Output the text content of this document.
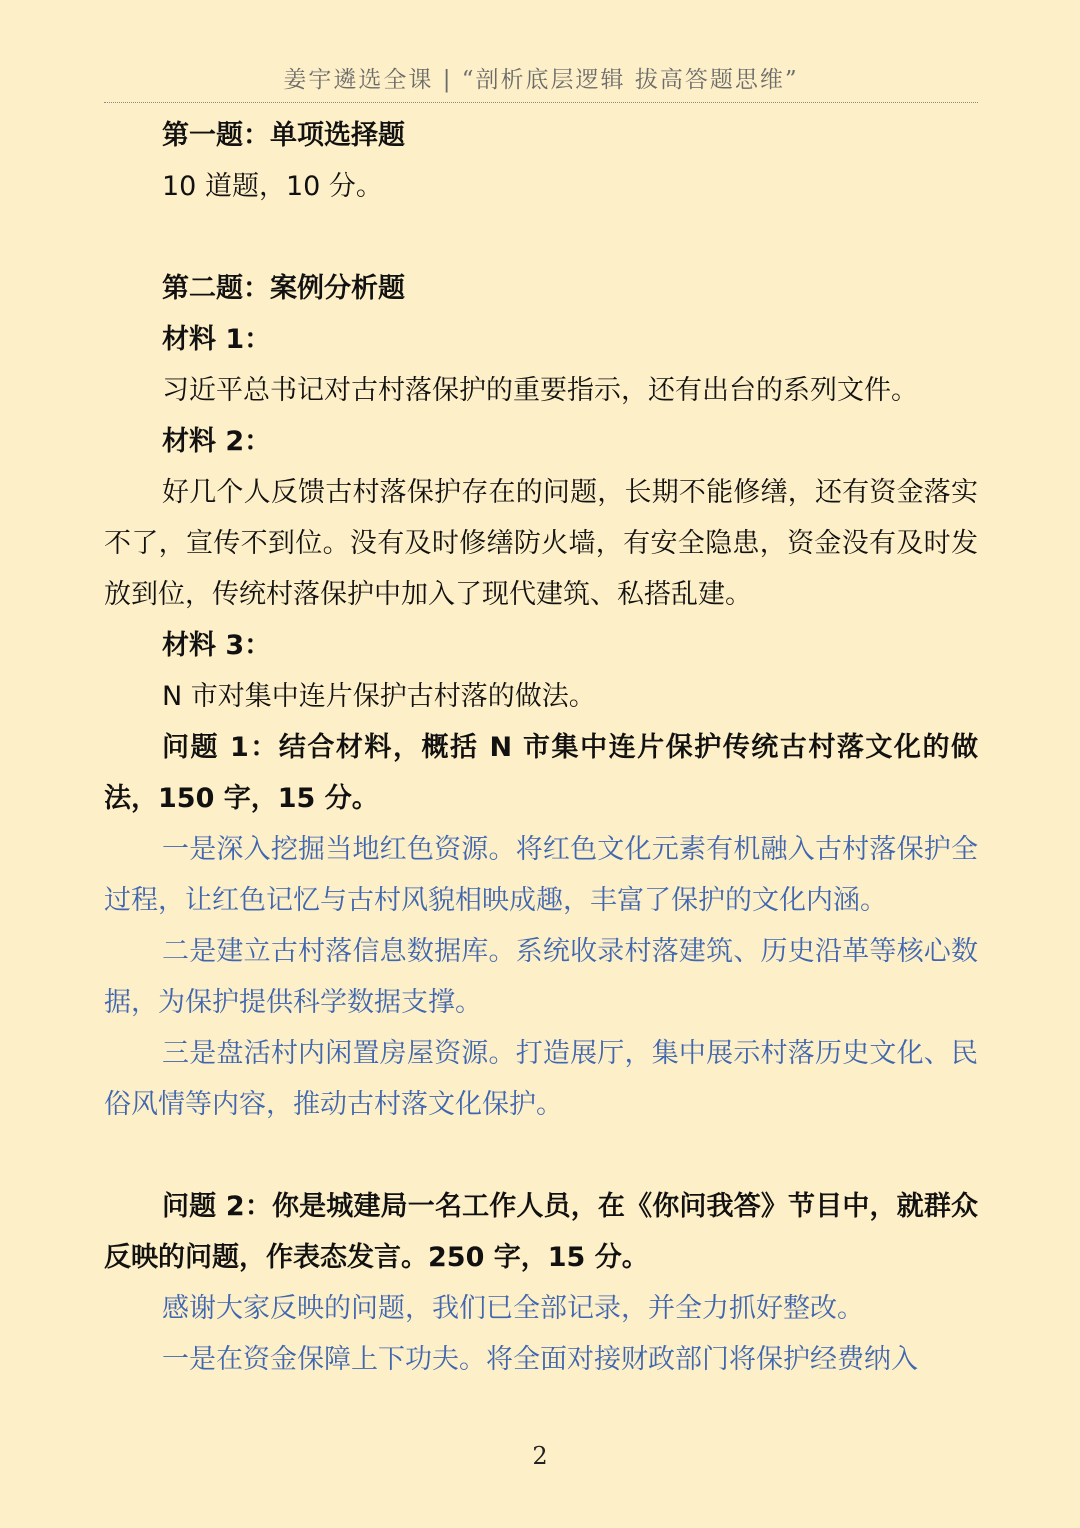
姜宇遴选全课 | “剖析底层逻辑 拔高答题思维”

第一题：单项选择题

10 道题，10 分。

第二题：案例分析题

材料 1：

习近平总书记对古村落保护的重要指示，还有出台的系列文件。

材料 2：

好几个人反馈古村落保护存在的问题，长期不能修缮，还有资金落实不了，宣传不到位。没有及时修缮防火墙，有安全隐患，资金没有及时发放到位，传统村落保护中加入了现代建筑、私搭乱建。

材料 3：

N 市对集中连片保护古村落的做法。

问题 1：结合材料，概括 N 市集中连片保护传统古村落文化的做法，150 字，15 分。

一是深入挖掘当地红色资源。将红色文化元素有机融入古村落保护全过程，让红色记忆与古村风貌相映成趣，丰富了保护的文化内涵。

二是建立古村落信息数据库。系统收录村落建筑、历史沿革等核心数据，为保护提供科学数据支撑。

三是盘活村内闲置房屋资源。打造展厅，集中展示村落历史文化、民俗风情等内容，推动古村落文化保护。

问题 2：你是城建局一名工作人员，在《你问我答》节目中，就群众反映的问题，作表态发言。250 字，15 分。

感谢大家反映的问题，我们已全部记录，并全力抓好整改。

一是在资金保障上下功夫。将全面对接财政部门将保护经费纳入

2
